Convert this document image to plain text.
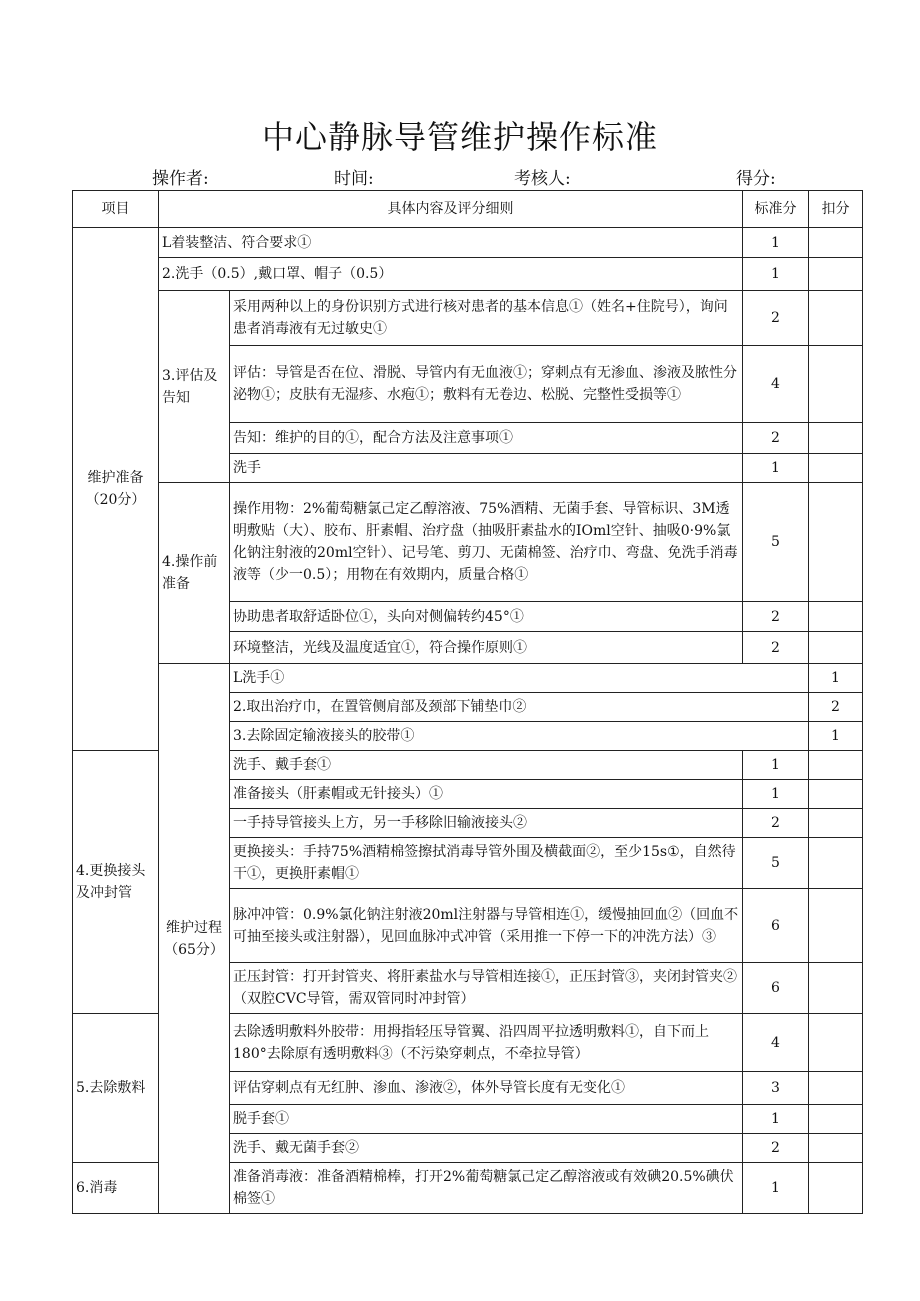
中心静脉导管维护操作标准
操作者:	时间:	考核人:	得分:
项目	具体内容及评分细则		标准分	扣分	
维护准备（20分）	L着装整洁、符合要求①		1		
	2.洗手（0.5）,戴口罩、帽子（0.5）		1		
	3.评估及告知	采用两种以上的身份识别方式进行核对患者的基本信息①（姓名+住院号），询问患者消毒液有无过敏史①	2		
		评估：导管是否在位、滑脱、导管内有无血液①；穿刺点有无渗血、渗液及脓性分泌物①；皮肤有无湿疹、水疱①；敷料有无卷边、松脱、完整性受损等①	4		
		告知：维护的目的①，配合方法及注意事项①	2		
		洗手	1		
	4.操作前准备	操作用物：2%葡萄糖氯己定乙醇溶液、75%酒精、无菌手套、导管标识、3M透明敷贴（大）、胶布、肝素帽、治疗盘（抽吸肝素盐水的IOml空针、抽吸0·9%氯化钠注射液的20ml空针）、记号笔、剪刀、无菌棉签、治疗巾、弯盘、免洗手消毒液等（少一0.5）；用物在有效期内，质量合格①	5		
		协助患者取舒适卧位①，头向对侧偏转约45°①	2		
		环境整洁，光线及温度适宜①，符合操作原则①	2		
	维护过程（65分）	L洗手①		1	
		2.取出治疗巾，在置管侧肩部及颈部下铺垫巾②		2	
		3.去除固定输液接头的胶带①		1	
4.更换接头及冲封管		洗手、戴手套①	1		
		准备接头（肝素帽或无针接头）①	1		
		一手持导管接头上方，另一手移除旧输液接头②	2		
		更换接头：手持75%酒精棉签擦拭消毒导管外围及横截面②，至少15s①，自然待干①，更换肝素帽①	5		
		脉冲冲管：0.9%氯化钠注射液20ml注射器与导管相连①，缓慢抽回血②（回血不可抽至接头或注射器），见回血脉冲式冲管（采用推一下停一下的冲洗方法）③	6		
		正压封管：打开封管夹、将肝素盐水与导管相连接①，正压封管③，夹闭封管夹②（双腔CVC导管，需双管同时冲封管）	6		
5.去除敷料		去除透明敷料外胶带：用拇指轻压导管翼、沿四周平拉透明敷料①，自下而上180°去除原有透明敷料③（不污染穿刺点，不牵拉导管）	4		
		评估穿刺点有无红肿、渗血、渗液②，体外导管长度有无变化①	3		
		脱手套①	1		
		洗手、戴无菌手套②	2		
6.消毒		准备消毒液：准备酒精棉棒，打开2%葡萄糖氯己定乙醇溶液或有效碘20.5%碘伏棉签①	1		
